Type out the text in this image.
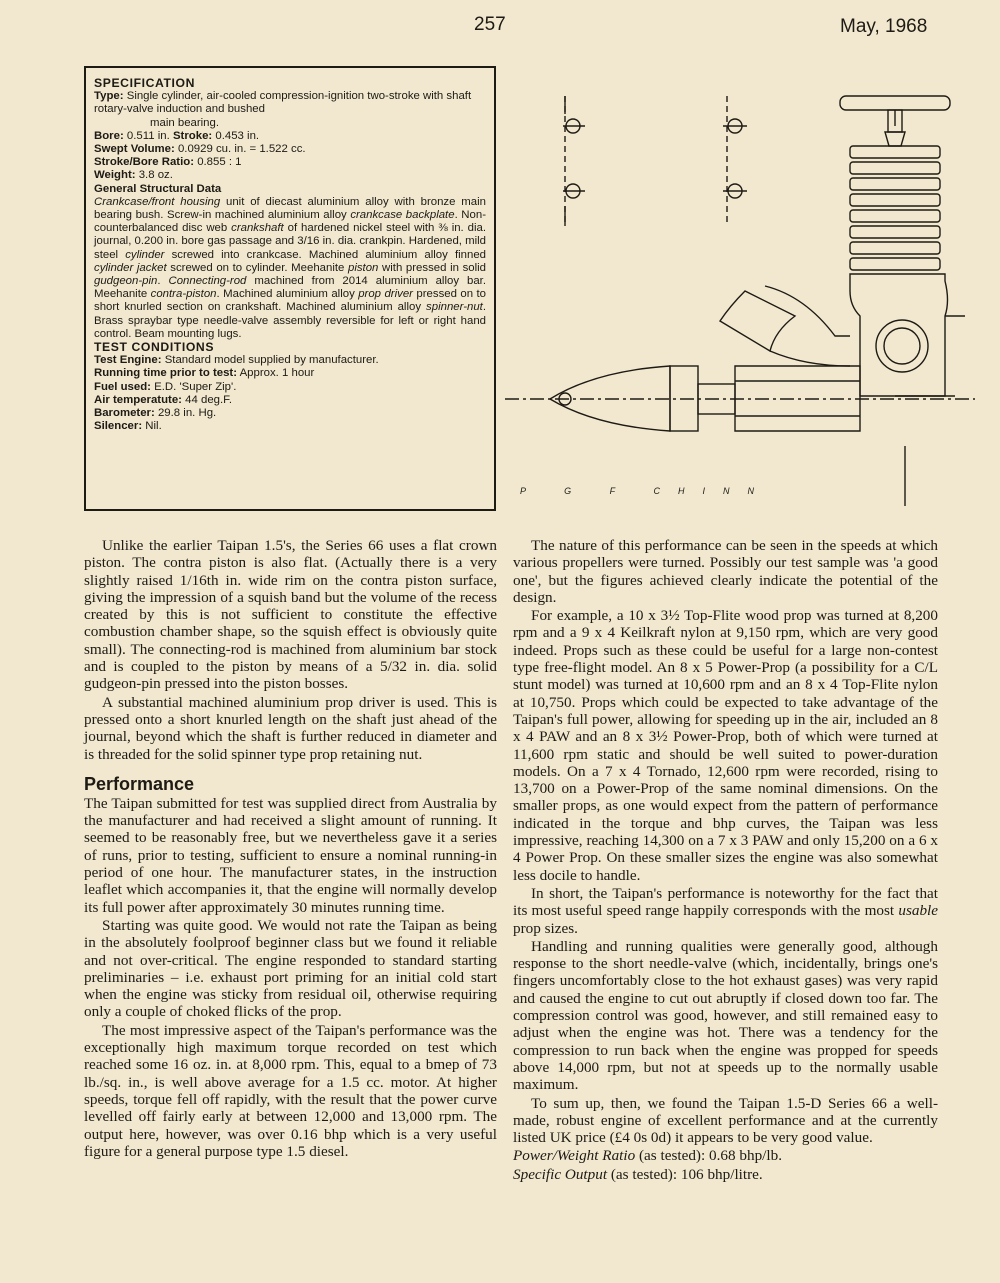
257	May, 1968
SPECIFICATION
Type: Single cylinder, air-cooled compression-ignition two-stroke with shaft rotary-valve induction and bushed
main bearing.
Bore: 0.511 in. Stroke: 0.453 in.
Swept Volume: 0.0929 cu. in. = 1.522 cc.
Stroke/Bore Ratio: 0.855 : 1
Weight: 3.8 oz.
General Structural Data
Crankcase/front housing unit of diecast aluminium alloy with bronze main bearing bush. Screw-in machined aluminium alloy crankcase backplate. Non-counterbalanced disc web crankshaft of hardened nickel steel with ⅜ in. dia. journal, 0.200 in. bore gas passage and 3/16 in. dia. crankpin. Hardened, mild steel cylinder screwed into crankcase. Machined aluminium alloy finned cylinder jacket screwed on to cylinder. Meehanite piston with pressed in solid gudgeon-pin. Connecting-rod machined from 2014 aluminium alloy bar. Meehanite contra-piston. Machined aluminium alloy prop driver pressed on to short knurled section on crankshaft. Machined aluminium alloy spinner-nut. Brass spraybar type needle-valve assembly reversible for left or right hand control. Beam mounting lugs.
TEST CONDITIONS
Test Engine: Standard model supplied by manufacturer.
Running time prior to test: Approx. 1 hour
Fuel used: E.D. 'Super Zip'.
Air temperatute: 44 deg.F.
Barometer: 29.8 in. Hg.
Silencer: Nil.
P G F CHINN

Unlike the earlier Taipan 1.5's, the Series 66 uses a flat crown piston. The contra piston is also flat. (Actually there is a very slightly raised 1/16th in. wide rim on the contra piston surface, giving the impression of a squish band but the volume of the recess created by this is not sufficient to constitute the effective combustion chamber shape, so the squish effect is obviously quite small). The connecting-rod is machined from aluminium bar stock and is coupled to the piston by means of a 5/32 in. dia. solid gudgeon-pin pressed into the piston bosses.

A substantial machined aluminium prop driver is used. This is pressed onto a short knurled length on the shaft just ahead of the journal, beyond which the shaft is further reduced in diameter and is threaded for the solid spinner type prop retaining nut.

Performance

The Taipan submitted for test was supplied direct from Australia by the manufacturer and had received a slight amount of running. It seemed to be reasonably free, but we nevertheless gave it a series of runs, prior to testing, sufficient to ensure a nominal running-in period of one hour. The manufacturer states, in the instruction leaflet which accompanies it, that the engine will normally develop its full power after approximately 30 minutes running time.

Starting was quite good. We would not rate the Taipan as being in the absolutely foolproof beginner class but we found it reliable and not over-critical. The engine responded to standard starting preliminaries – i.e. exhaust port priming for an initial cold start when the engine was sticky from residual oil, otherwise requiring only a couple of choked flicks of the prop.

The most impressive aspect of the Taipan's performance was the exceptionally high maximum torque recorded on test which reached some 16 oz. in. at 8,000 rpm. This, equal to a bmep of 73 lb./sq. in., is well above average for a 1.5 cc. motor. At higher speeds, torque fell off rapidly, with the result that the power curve levelled off fairly early at between 12,000 and 13,000 rpm. The output here, however, was over 0.16 bhp which is a very useful figure for a general purpose type 1.5 diesel.

The nature of this performance can be seen in the speeds at which various propellers were turned. Possibly our test sample was 'a good one', but the figures achieved clearly indicate the potential of the design.

For example, a 10 x 3½ Top-Flite wood prop was turned at 8,200 rpm and a 9 x 4 Keilkraft nylon at 9,150 rpm, which are very good indeed. Props such as these could be useful for a large non-contest type free-flight model. An 8 x 5 Power-Prop (a possibility for a C/L stunt model) was turned at 10,600 rpm and an 8 x 4 Top-Flite nylon at 10,750. Props which could be expected to take advantage of the Taipan's full power, allowing for speeding up in the air, included an 8 x 4 PAW and an 8 x 3½ Power-Prop, both of which were turned at 11,600 rpm static and should be well suited to power-duration models. On a 7 x 4 Tornado, 12,600 rpm were recorded, rising to 13,700 on a Power-Prop of the same nominal dimensions. On the smaller props, as one would expect from the pattern of performance indicated in the torque and bhp curves, the Taipan was less impressive, reaching 14,300 on a 7 x 3 PAW and only 15,200 on a 6 x 4 Power Prop. On these smaller sizes the engine was also somewhat less docile to handle.

In short, the Taipan's performance is noteworthy for the fact that its most useful speed range happily corresponds with the most usable prop sizes.

Handling and running qualities were generally good, although response to the short needle-valve (which, incidentally, brings one's fingers uncomfortably close to the hot exhaust gases) was very rapid and caused the engine to cut out abruptly if closed down too far. The compression control was good, however, and still remained easy to adjust when the engine was hot. There was a tendency for the compression to run back when the engine was propped for speeds above 14,000 rpm, but not at speeds up to the normally usable maximum.

To sum up, then, we found the Taipan 1.5-D Series 66 a well-made, robust engine of excellent performance and at the currently listed UK price (£4 0s 0d) it appears to be very good value.

Power/Weight Ratio (as tested): 0.68 bhp/lb.

Specific Output (as tested): 106 bhp/litre.
